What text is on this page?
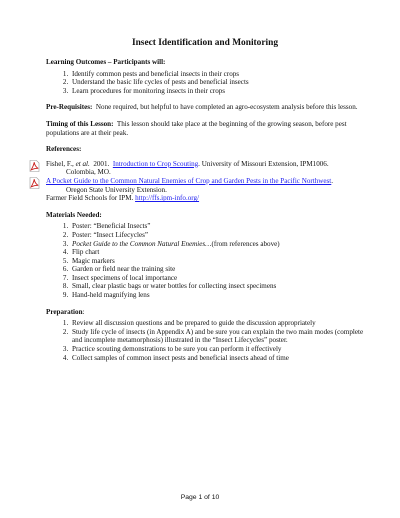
Insect Identification and Monitoring

Learning Outcomes – Participants will:

1. Identify common pests and beneficial insects in their crops
2. Understand the basic life cycles of pests and beneficial insects
3. Learn procedures for monitoring insects in their crops

Pre-Requisites: None required, but helpful to have completed an agro-ecosystem analysis before this lesson.

Timing of this Lesson: This lesson should take place at the beginning of the growing season, before pest populations are at their peak.

References:

Fishel, F., et al. 2001. Introduction to Crop Scouting. University of Missouri Extension, IPM1006.
Colombia, MO.
A Pocket Guide to the Common Natural Enemies of Crop and Garden Pests in the Pacific Northwest.
Oregon State University Extension.
Farmer Field Schools for IPM. http://ffs.ipm-info.org/

Materials Needed:

1. Poster: “Beneficial Insects”
2. Poster: “Insect Lifecycles”
3. Pocket Guide to the Common Natural Enemies…(from references above)
4. Flip chart
5. Magic markers
6. Garden or field near the training site
7. Insect specimens of local importance
8. Small, clear plastic bags or water bottles for collecting insect specimens
9. Hand-held magnifying lens

Preparation:

1. Review all discussion questions and be prepared to guide the discussion appropriately
2. Study life cycle of insects (in Appendix A) and be sure you can explain the two main modes (complete and incomplete metamorphosis) illustrated in the “Insect Lifecycles” poster.
3. Practice scouting demonstrations to be sure you can perform it effectively
4. Collect samples of common insect pests and beneficial insects ahead of time
Page 1 of 10
